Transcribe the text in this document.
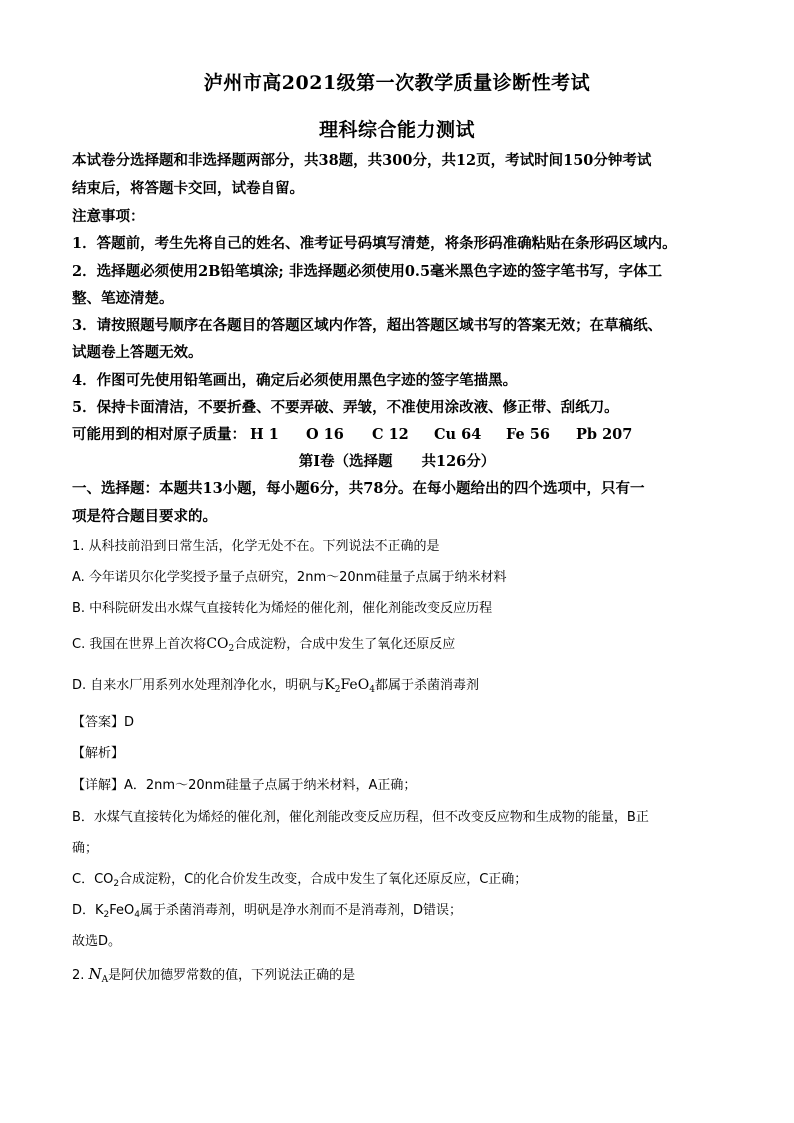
泸州市高2021级第一次教学质量诊断性考试
理科综合能力测试
本试卷分选择题和非选择题两部分，共38题，共300分，共12页，考试时间150分钟考试
结束后，将答题卡交回，试卷自留。
注意事项：
1．答题前，考生先将自己的姓名、准考证号码填写清楚，将条形码准确粘贴在条形码区域内。
2．选择题必须使用2B铅笔填涂; 非选择题必须使用0.5毫米黑色字迹的签字笔书写，字体工
整、笔迹清楚。
3．请按照题号顺序在各题目的答题区域内作答，超出答题区域书写的答案无效；在草稿纸、
试题卷上答题无效。
4．作图可先使用铅笔画出，确定后必须使用黑色字迹的签字笔描黑。
5．保持卡面清洁，不要折叠、不要弄破、弄皱，不准使用涂改液、修正带、刮纸刀。
可能用到的相对原子质量： H 1 O 16 C 12 Cu 64 Fe 56 Pb 207
第Ⅰ卷（选择题　　共126分）
一、选择题：本题共13小题，每小题6分，共78分。在每小题给出的四个选项中，只有一
项是符合题目要求的。
1. 从科技前沿到日常生活，化学无处不在。下列说法不正确的是
A. 今年诺贝尔化学奖授予量子点研究，2nm～20nm硅量子点属于纳米材料
B. 中科院研发出水煤气直接转化为烯烃的催化剂，催化剂能改变反应历程
C. 我国在世界上首次将$CO_2$合成淀粉，合成中发生了氧化还原反应
D. 自来水厂用系列水处理剂净化水，明矾与$K_2FeO_4$都属于杀菌消毒剂
【答案】D
【解析】
【详解】A．2nm～20nm硅量子点属于纳米材料，A正确；
B．水煤气直接转化为烯烃的催化剂，催化剂能改变反应历程，但不改变反应物和生成物的能量，B正
确；
C．$CO_2$合成淀粉，C的化合价发生改变，合成中发生了氧化还原反应，C正确；
D．$K_2FeO_4$属于杀菌消毒剂，明矾是净水剂而不是消毒剂，D错误；
故选D。
2. $N_A$是阿伏加德罗常数的值，下列说法正确的是
